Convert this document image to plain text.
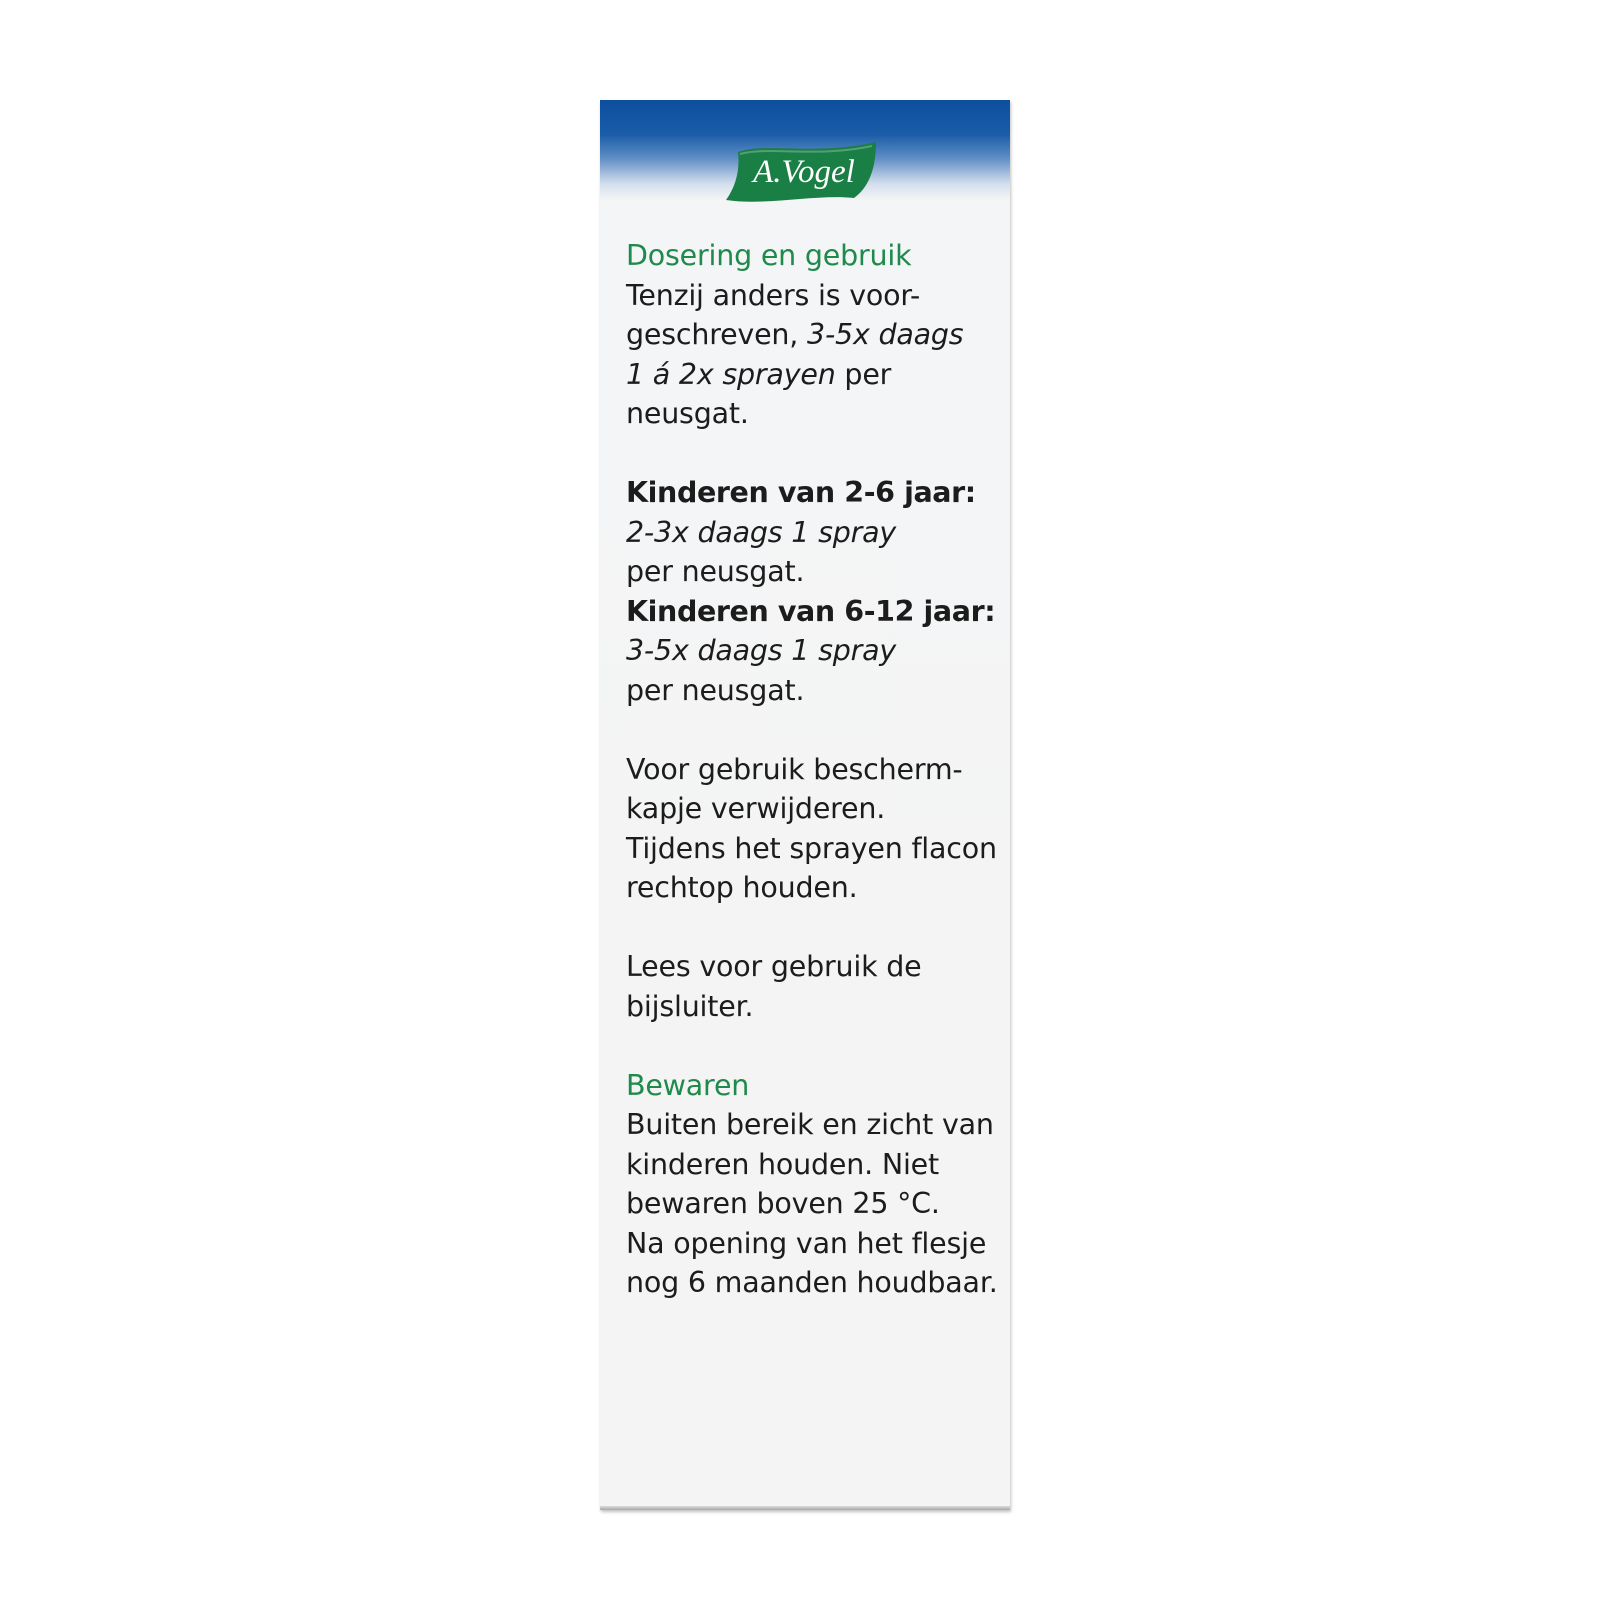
A.Vogel

Dosering en gebruik

Tenzij anders is voor-

geschreven, 3-5x daags

1 á 2x sprayen per

neusgat.

Kinderen van 2-6 jaar:

2-3x daags 1 spray

per neusgat.

Kinderen van 6-12 jaar:

3-5x daags 1 spray

per neusgat.

Voor gebruik bescherm-

kapje verwijderen.

Tijdens het sprayen flacon

rechtop houden.

Lees voor gebruik de

bijsluiter.

Bewaren

Buiten bereik en zicht van

kinderen houden. Niet

bewaren boven 25 °C.

Na opening van het flesje

nog 6 maanden houdbaar.
